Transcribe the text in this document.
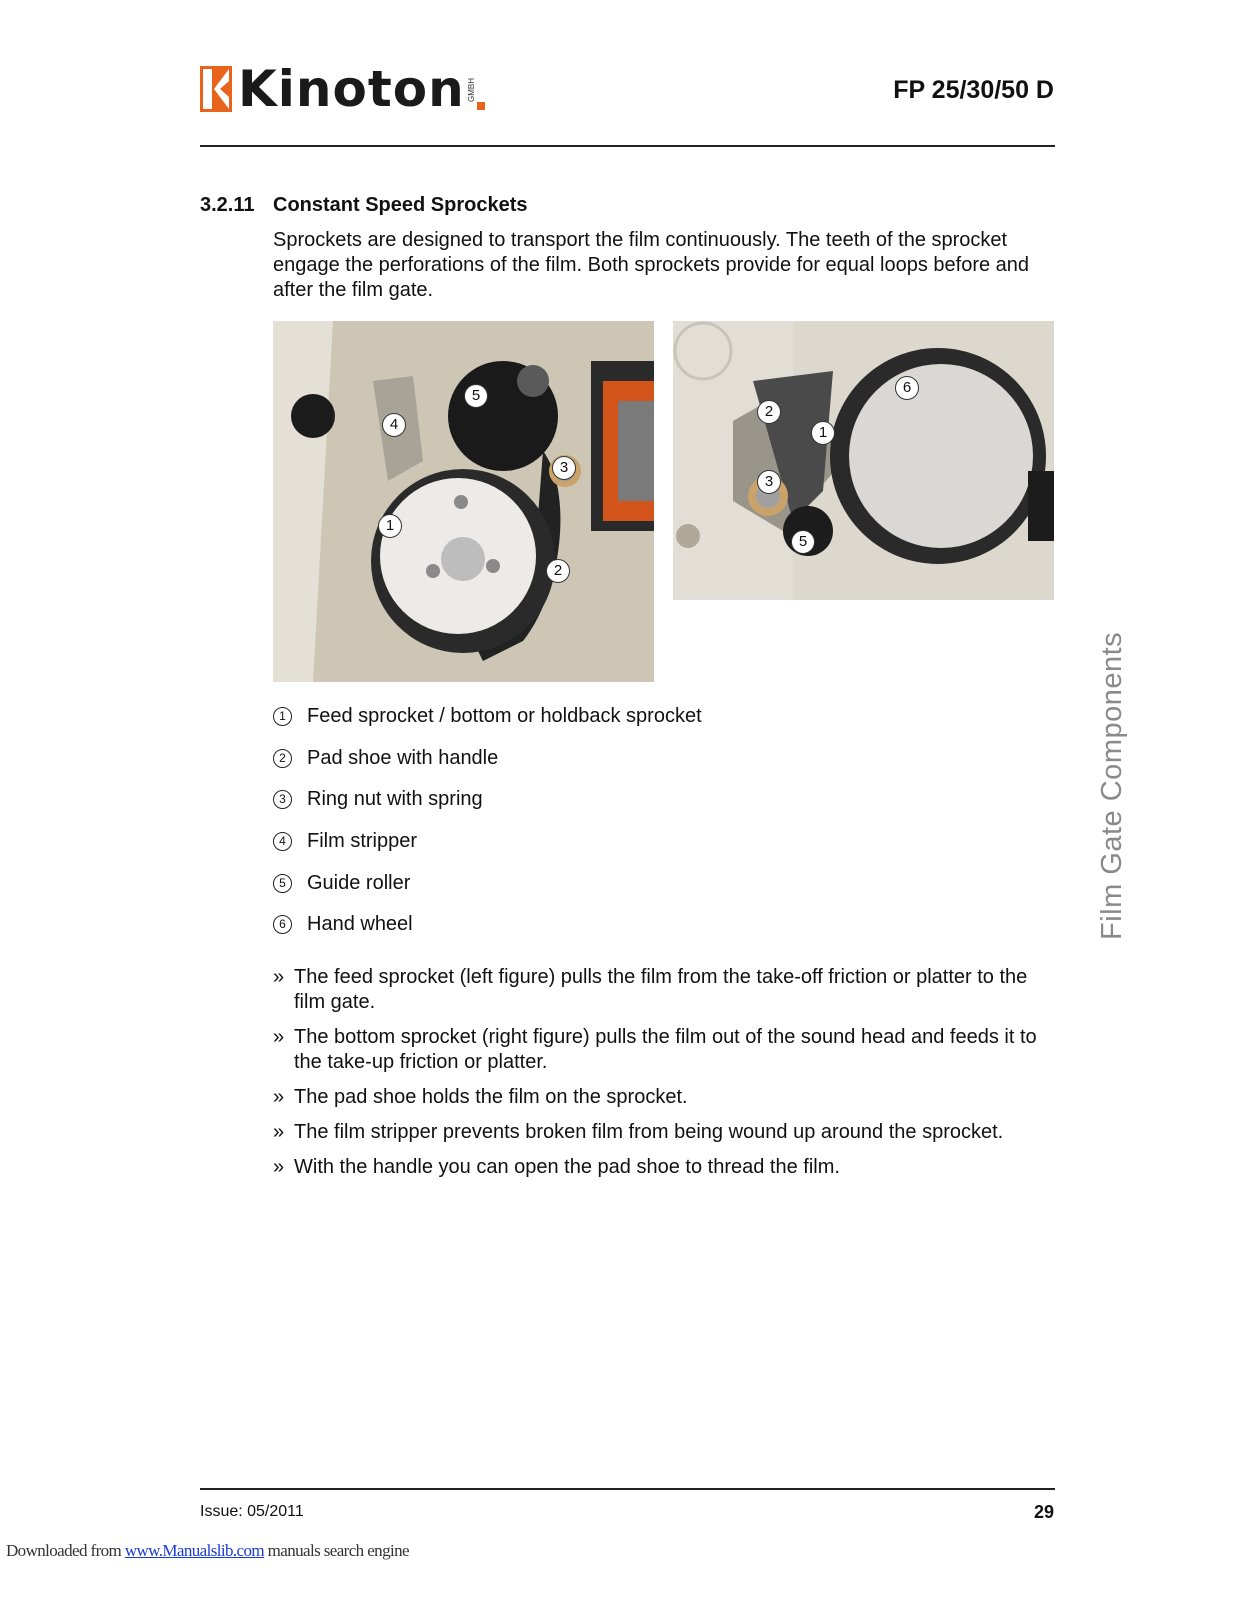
Kinoton GMBH	FP 25/30/50 D
3.2.11 Constant Speed Sprockets
Sprockets are designed to transport the film continuously. The teeth of the sprocket engage the perforations of the film. Both sprockets provide for equal loops before and after the film gate.
5
4
3
1
2
6
2
1
3
5
1	Feed sprocket / bottom or holdback sprocket
2	Pad shoe with handle
3	Ring nut with spring
4	Film stripper
5	Guide roller
6	Hand wheel
» The feed sprocket (left figure) pulls the film from the take-off friction or platter to the film gate.
» The bottom sprocket (right figure) pulls the film out of the sound head and feeds it to the take-up friction or platter.
» The pad shoe holds the film on the sprocket.
» The film stripper prevents broken film from being wound up around the sprocket.
» With the handle you can open the pad shoe to thread the film.
Film Gate Components
Issue: 05/2011	29
Downloaded from www.Manualslib.com manuals search engine
